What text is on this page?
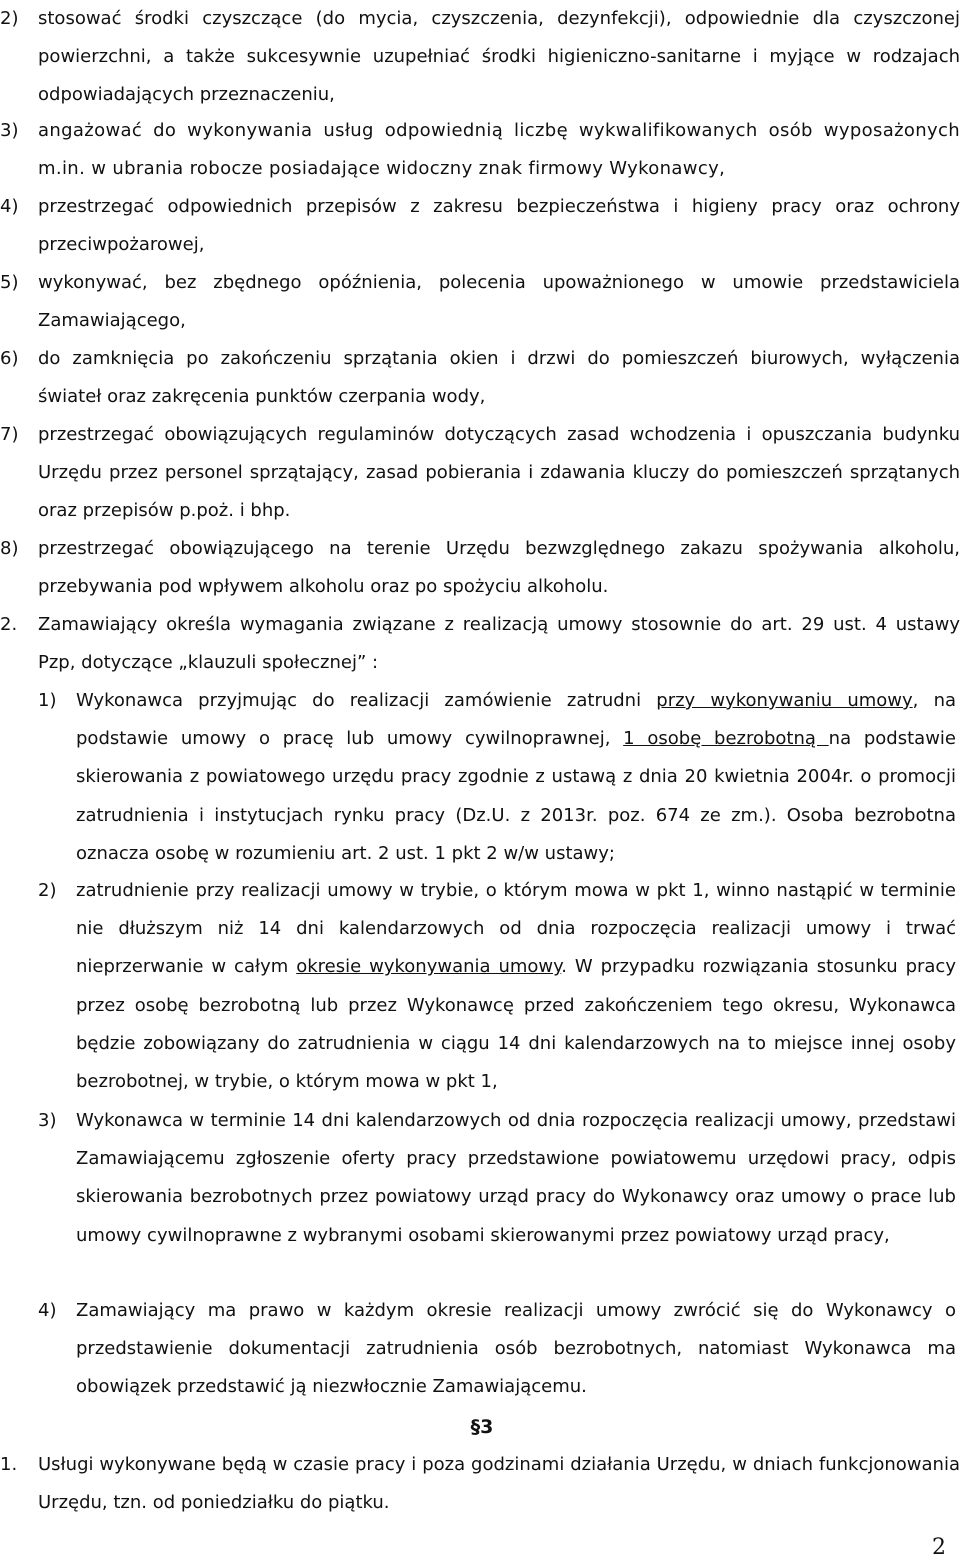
2)	stosować środki czyszczące (do mycia, czyszczenia, dezynfekcji), odpowiednie dla czyszczonej powierzchni, a także sukcesywnie uzupełniać środki higieniczno-sanitarne i myjące w rodzajach odpowiadających przeznaczeniu,
3)	angażować do wykonywania usług odpowiednią liczbę wykwalifikowanych osób wyposażonych m.in. w ubrania robocze posiadające widoczny znak firmowy Wykonawcy,
4)	przestrzegać odpowiednich przepisów z zakresu bezpieczeństwa i higieny pracy oraz ochrony przeciwpożarowej,
5)	wykonywać, bez zbędnego opóźnienia, polecenia upoważnionego w umowie przedstawiciela Zamawiającego,
6)	do zamknięcia po zakończeniu sprzątania okien i drzwi do pomieszczeń biurowych, wyłączenia świateł oraz zakręcenia punktów czerpania wody,
7)	przestrzegać obowiązujących regulaminów dotyczących zasad wchodzenia i opuszczania budynku Urzędu przez personel sprzątający, zasad pobierania i zdawania kluczy do pomieszczeń sprzątanych oraz przepisów p.poż. i bhp.
8)	przestrzegać obowiązującego na terenie Urzędu bezwzględnego zakazu spożywania alkoholu, przebywania pod wpływem alkoholu oraz po spożyciu alkoholu.
2.	Zamawiający określa wymagania związane z realizacją umowy stosownie do art. 29 ust. 4 ustawy Pzp, dotyczące „klauzuli społecznej” :
1)	Wykonawca przyjmując do realizacji zamówienie zatrudni przy wykonywaniu umowy, na podstawie umowy o pracę lub umowy cywilnoprawnej, 1 osobę bezrobotną na podstawie skierowania z powiatowego urzędu pracy zgodnie z ustawą z dnia 20 kwietnia 2004r. o promocji zatrudnienia i instytucjach rynku pracy (Dz.U. z 2013r. poz. 674 ze zm.). Osoba bezrobotna oznacza osobę w rozumieniu art. 2 ust. 1 pkt 2 w/w ustawy;
2)	zatrudnienie przy realizacji umowy w trybie, o którym mowa w pkt 1, winno nastąpić w terminie nie dłuższym niż 14 dni kalendarzowych od dnia rozpoczęcia realizacji umowy i trwać nieprzerwanie w całym okresie wykonywania umowy. W przypadku rozwiązania stosunku pracy przez osobę bezrobotną lub przez Wykonawcę przed zakończeniem tego okresu, Wykonawca będzie zobowiązany do zatrudnienia w ciągu 14 dni kalendarzowych na to miejsce innej osoby bezrobotnej, w trybie, o którym mowa w pkt 1,
3)	Wykonawca w terminie 14 dni kalendarzowych od dnia rozpoczęcia realizacji umowy, przedstawi Zamawiającemu zgłoszenie oferty pracy przedstawione powiatowemu urzędowi pracy, odpis skierowania bezrobotnych przez powiatowy urząd pracy do Wykonawcy oraz umowy o prace lub umowy cywilnoprawne z wybranymi osobami skierowanymi przez powiatowy urząd pracy,
4)	Zamawiający ma prawo w każdym okresie realizacji umowy zwrócić się do Wykonawcy o przedstawienie dokumentacji zatrudnienia osób bezrobotnych, natomiast Wykonawca ma obowiązek przedstawić ją niezwłocznie Zamawiającemu.
§3
1.	Usługi wykonywane będą w czasie pracy i poza godzinami działania Urzędu, w dniach funkcjonowania Urzędu, tzn. od poniedziałku do piątku.
2
